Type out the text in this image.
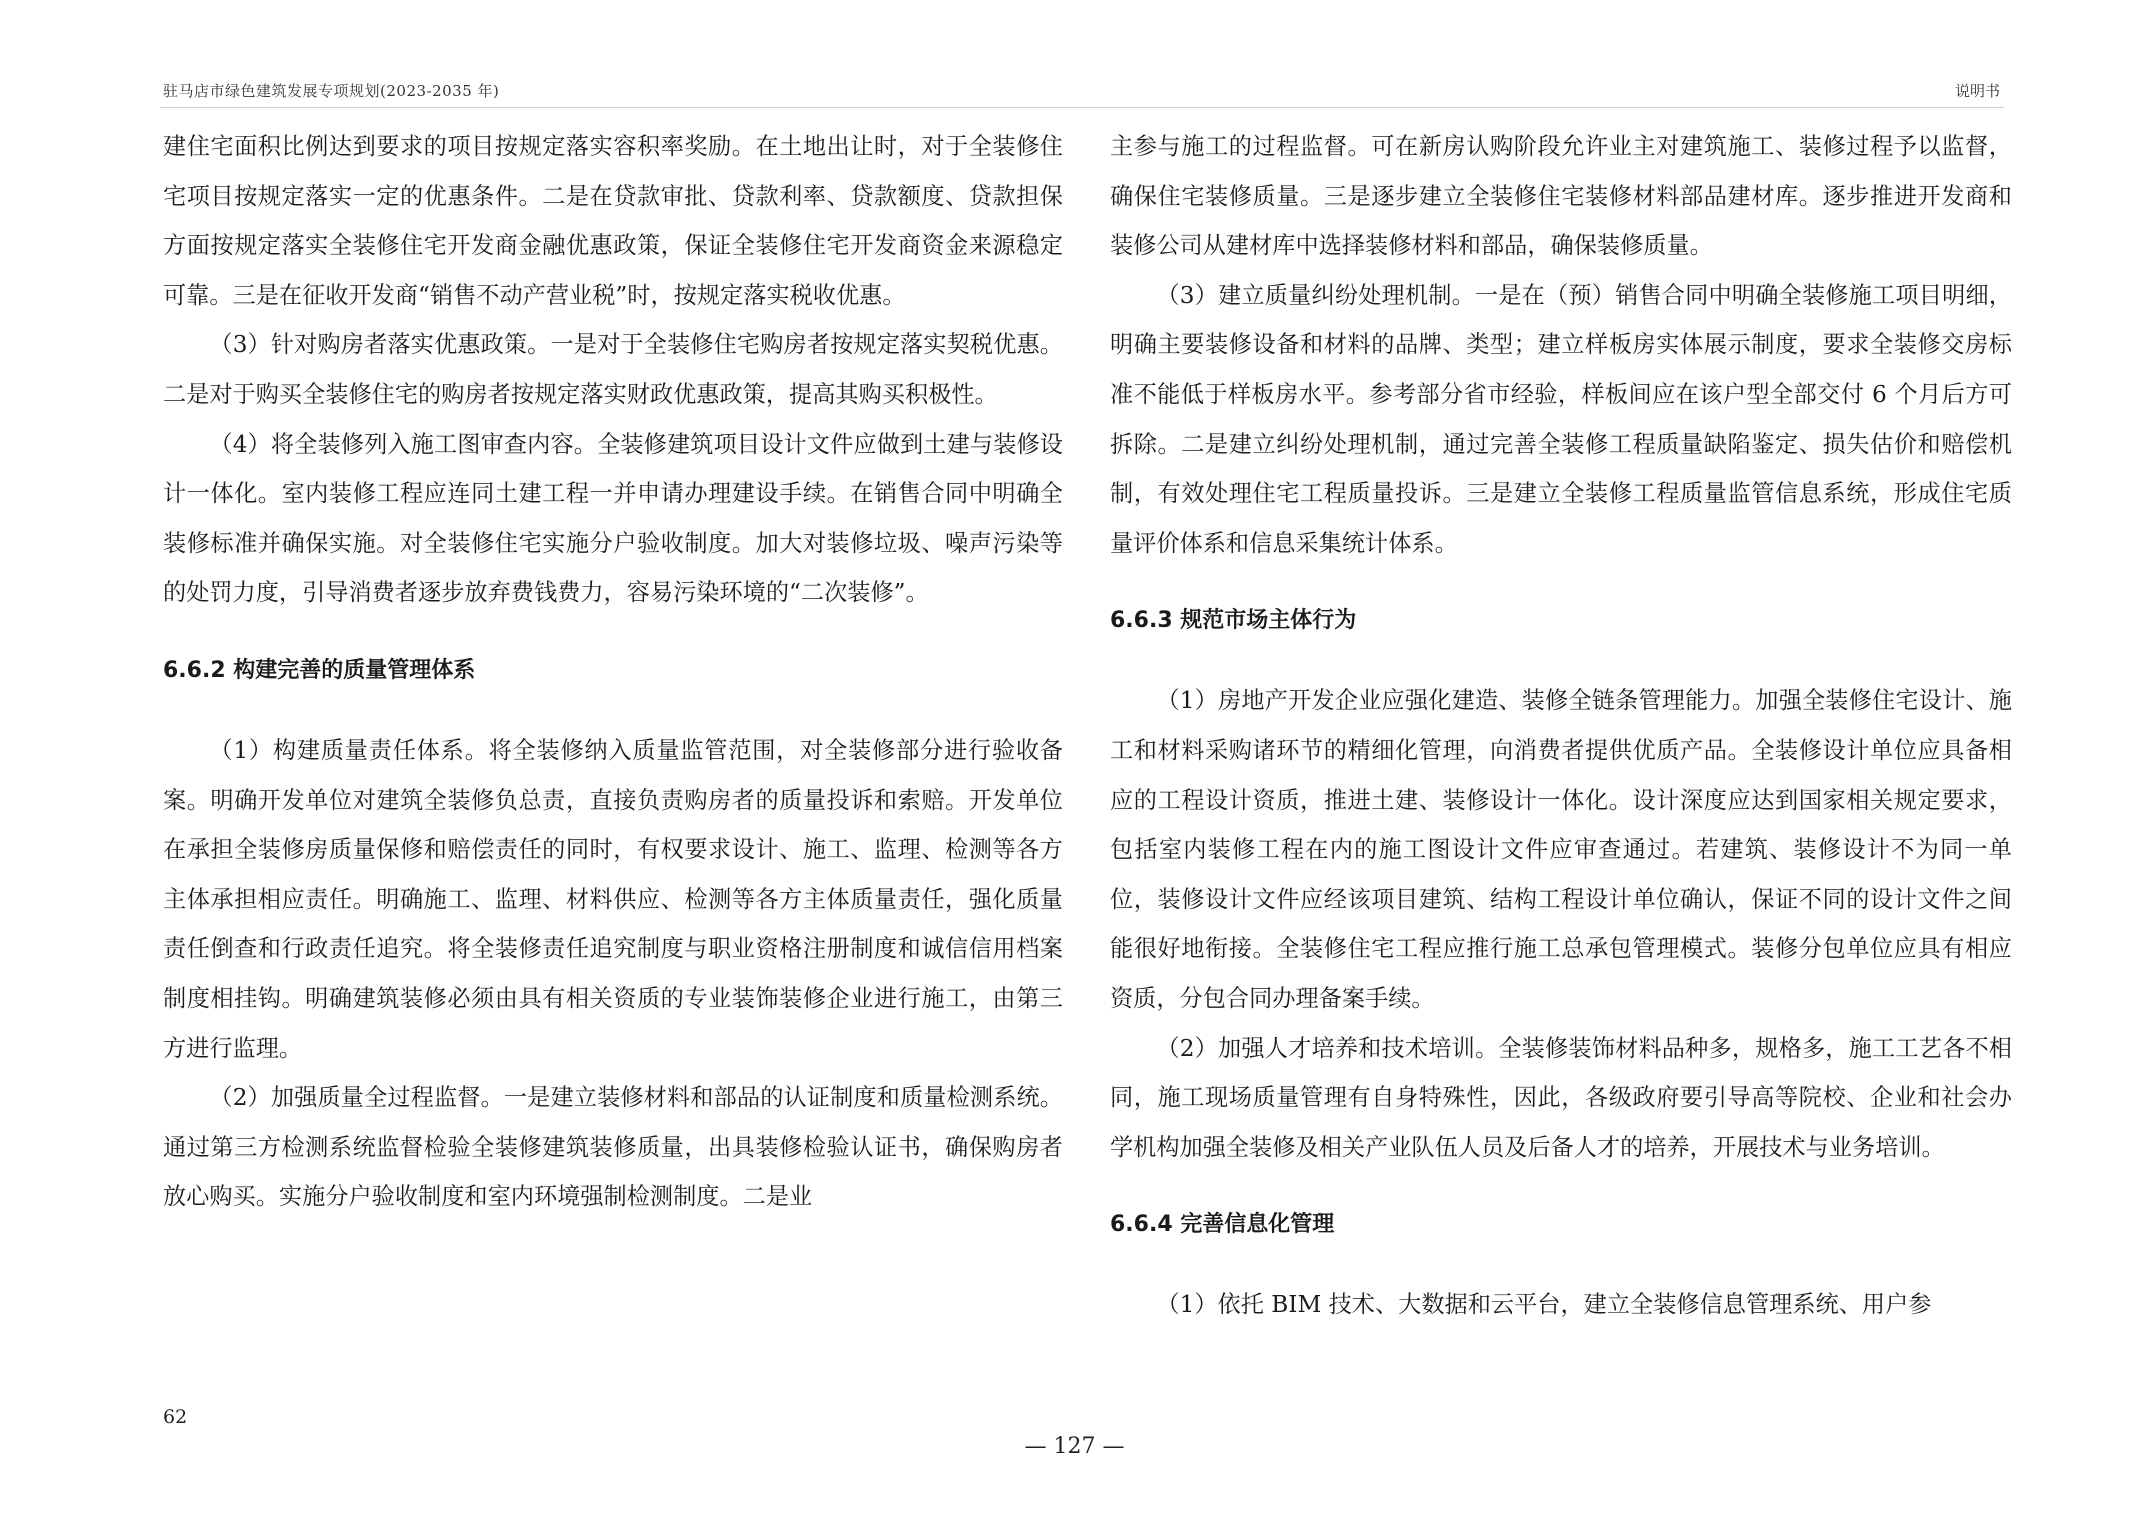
驻马店市绿色建筑发展专项规划(2023-2035 年)	说明书

建住宅面积比例达到要求的项目按规定落实容积率奖励。在土地出让时，对于全装修住宅项目按规定落实一定的优惠条件。二是在贷款审批、贷款利率、贷款额度、贷款担保方面按规定落实全装修住宅开发商金融优惠政策，保证全装修住宅开发商资金来源稳定可靠。三是在征收开发商“销售不动产营业税”时，按规定落实税收优惠。

（3）针对购房者落实优惠政策。一是对于全装修住宅购房者按规定落实契税优惠。二是对于购买全装修住宅的购房者按规定落实财政优惠政策，提高其购买积极性。

（4）将全装修列入施工图审查内容。全装修建筑项目设计文件应做到土建与装修设计一体化。室内装修工程应连同土建工程一并申请办理建设手续。在销售合同中明确全装修标准并确保实施。对全装修住宅实施分户验收制度。加大对装修垃圾、噪声污染等的处罚力度，引导消费者逐步放弃费钱费力，容易污染环境的“二次装修”。

6.6.2 构建完善的质量管理体系

（1）构建质量责任体系。将全装修纳入质量监管范围，对全装修部分进行验收备案。明确开发单位对建筑全装修负总责，直接负责购房者的质量投诉和索赔。开发单位在承担全装修房质量保修和赔偿责任的同时，有权要求设计、施工、监理、检测等各方主体承担相应责任。明确施工、监理、材料供应、检测等各方主体质量责任，强化质量责任倒查和行政责任追究。将全装修责任追究制度与职业资格注册制度和诚信信用档案制度相挂钩。明确建筑装修必须由具有相关资质的专业装饰装修企业进行施工，由第三方进行监理。

（2）加强质量全过程监督。一是建立装修材料和部品的认证制度和质量检测系统。通过第三方检测系统监督检验全装修建筑装修质量，出具装修检验认证书，确保购房者放心购买。实施分户验收制度和室内环境强制检测制度。二是业

主参与施工的过程监督。可在新房认购阶段允许业主对建筑施工、装修过程予以监督，确保住宅装修质量。三是逐步建立全装修住宅装修材料部品建材库。逐步推进开发商和装修公司从建材库中选择装修材料和部品，确保装修质量。

（3）建立质量纠纷处理机制。一是在（预）销售合同中明确全装修施工项目明细，明确主要装修设备和材料的品牌、类型；建立样板房实体展示制度，要求全装修交房标准不能低于样板房水平。参考部分省市经验，样板间应在该户型全部交付 6 个月后方可拆除。二是建立纠纷处理机制，通过完善全装修工程质量缺陷鉴定、损失估价和赔偿机制，有效处理住宅工程质量投诉。三是建立全装修工程质量监管信息系统，形成住宅质量评价体系和信息采集统计体系。

6.6.3 规范市场主体行为

（1）房地产开发企业应强化建造、装修全链条管理能力。加强全装修住宅设计、施工和材料采购诸环节的精细化管理，向消费者提供优质产品。全装修设计单位应具备相应的工程设计资质，推进土建、装修设计一体化。设计深度应达到国家相关规定要求，包括室内装修工程在内的施工图设计文件应审查通过。若建筑、装修设计不为同一单位，装修设计文件应经该项目建筑、结构工程设计单位确认，保证不同的设计文件之间能很好地衔接。全装修住宅工程应推行施工总承包管理模式。装修分包单位应具有相应资质，分包合同办理备案手续。

（2）加强人才培养和技术培训。全装修装饰材料品种多，规格多，施工工艺各不相同，施工现场质量管理有自身特殊性，因此，各级政府要引导高等院校、企业和社会办学机构加强全装修及相关产业队伍人员及后备人才的培养，开展技术与业务培训。

6.6.4 完善信息化管理

（1）依托 BIM 技术、大数据和云平台，建立全装修信息管理系统、用户参

62
— 127 —
